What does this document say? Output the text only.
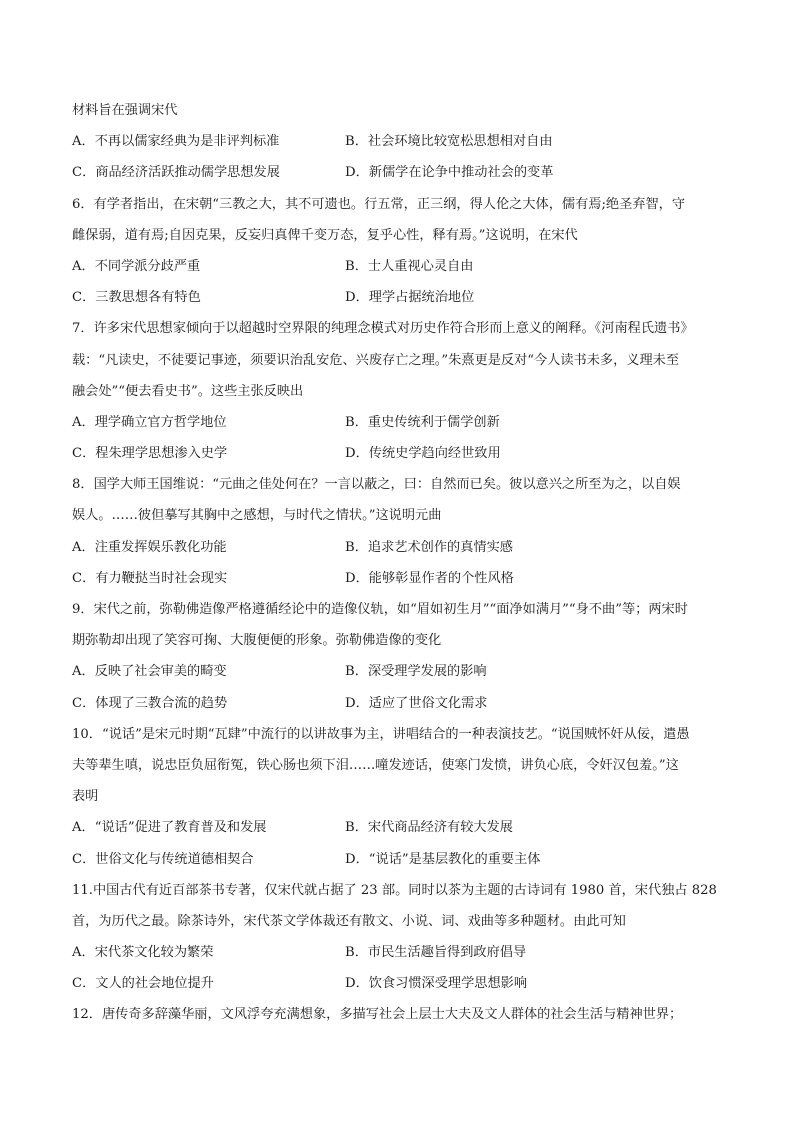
材料旨在强调宋代
A．不再以儒家经典为是非评判标准	B．社会环境比较宽松思想相对自由
C．商品经济活跃推动儒学思想发展	D．新儒学在论争中推动社会的变革
6．有学者指出，在宋朝“三教之大，其不可遗也。行五常，正三纲，得人伦之大体，儒有焉;绝圣弃智，守
雌保弱，道有焉;自因克果，反妄归真俾千变万态，复乎心性，释有焉。”这说明，在宋代
A．不同学派分歧严重	B．士人重视心灵自由
C．三教思想各有特色	D．理学占据统治地位
7．许多宋代思想家倾向于以超越时空界限的纯理念模式对历史作符合形而上意义的阐释。《河南程氏遗书》
载：“凡读史，不徒要记事迹，须要识治乱安危、兴废存亡之理。”朱熹更是反对“今人读书未多，义理未至
融会处”“便去看史书”。这些主张反映出
A．理学确立官方哲学地位	B．重史传统利于儒学创新
C．程朱理学思想渗入史学	D．传统史学趋向经世致用
8．国学大师王国维说：“元曲之佳处何在？一言以蔽之，曰：自然而已矣。彼以意兴之所至为之，以自娱
娱人。……彼但摹写其胸中之感想，与时代之情状。”这说明元曲
A．注重发挥娱乐教化功能	B．追求艺术创作的真情实感
C．有力鞭挞当时社会现实	D．能够彰显作者的个性风格
9．宋代之前，弥勒佛造像严格遵循经论中的造像仪轨，如“眉如初生月”“面净如满月”“身不曲”等；两宋时
期弥勒却出现了笑容可掬、大腹便便的形象。弥勒佛造像的变化
A．反映了社会审美的畸变	B．深受理学发展的影响
C．体现了三教合流的趋势	D．适应了世俗文化需求
10．“说话”是宋元时期“瓦肆”中流行的以讲故事为主，讲唱结合的一种表演技艺。“说国贼怀奸从佞，遣愚
夫等辈生嗔，说忠臣负屈衔冤，铁心肠也须下泪……噇发迹话，使寒门发愤，讲负心底，令奸汉包羞。”这
表明
A．“说话”促进了教育普及和发展	B．宋代商品经济有较大发展
C．世俗文化与传统道德相契合	D．“说话”是基层教化的重要主体
11.中国古代有近百部茶书专著，仅宋代就占据了 23 部。同时以茶为主题的古诗词有 1980 首，宋代独占 828
首，为历代之最。除茶诗外，宋代茶文学体裁还有散文、小说、词、戏曲等多种题材。由此可知
A．宋代茶文化较为繁荣	B．市民生活趣旨得到政府倡导
C．文人的社会地位提升	D．饮食习惯深受理学思想影响
12．唐传奇多辞藻华丽，文风浮夸充满想象，多描写社会上层士大夫及文人群体的社会生活与精神世界；
